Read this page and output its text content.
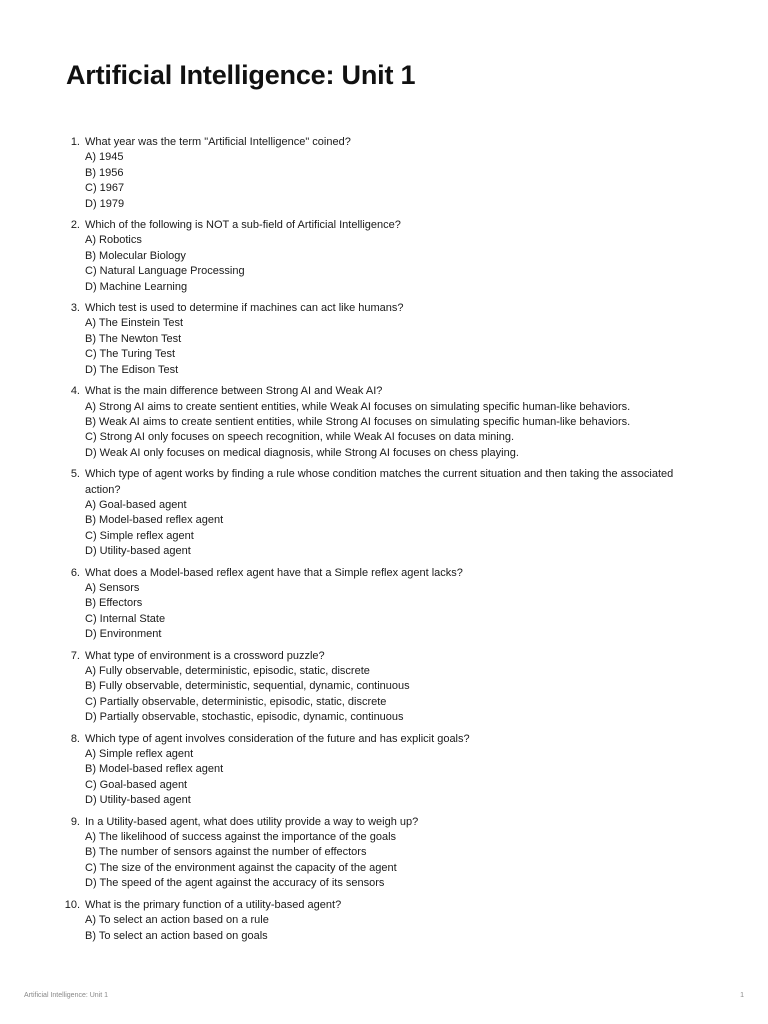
Artificial Intelligence: Unit 1
1. What year was the term "Artificial Intelligence" coined?
A) 1945
B) 1956
C) 1967
D) 1979
2. Which of the following is NOT a sub-field of Artificial Intelligence?
A) Robotics
B) Molecular Biology
C) Natural Language Processing
D) Machine Learning
3. Which test is used to determine if machines can act like humans?
A) The Einstein Test
B) The Newton Test
C) The Turing Test
D) The Edison Test
4. What is the main difference between Strong AI and Weak AI?
A) Strong AI aims to create sentient entities, while Weak AI focuses on simulating specific human-like behaviors.
B) Weak AI aims to create sentient entities, while Strong AI focuses on simulating specific human-like behaviors.
C) Strong AI only focuses on speech recognition, while Weak AI focuses on data mining.
D) Weak AI only focuses on medical diagnosis, while Strong AI focuses on chess playing.
5. Which type of agent works by finding a rule whose condition matches the current situation and then taking the associated action?
A) Goal-based agent
B) Model-based reflex agent
C) Simple reflex agent
D) Utility-based agent
6. What does a Model-based reflex agent have that a Simple reflex agent lacks?
A) Sensors
B) Effectors
C) Internal State
D) Environment
7. What type of environment is a crossword puzzle?
A) Fully observable, deterministic, episodic, static, discrete
B) Fully observable, deterministic, sequential, dynamic, continuous
C) Partially observable, deterministic, episodic, static, discrete
D) Partially observable, stochastic, episodic, dynamic, continuous
8. Which type of agent involves consideration of the future and has explicit goals?
A) Simple reflex agent
B) Model-based reflex agent
C) Goal-based agent
D) Utility-based agent
9. In a Utility-based agent, what does utility provide a way to weigh up?
A) The likelihood of success against the importance of the goals
B) The number of sensors against the number of effectors
C) The size of the environment against the capacity of the agent
D) The speed of the agent against the accuracy of its sensors
10. What is the primary function of a utility-based agent?
A) To select an action based on a rule
B) To select an action based on goals
Artificial Intelligence: Unit 1	1
